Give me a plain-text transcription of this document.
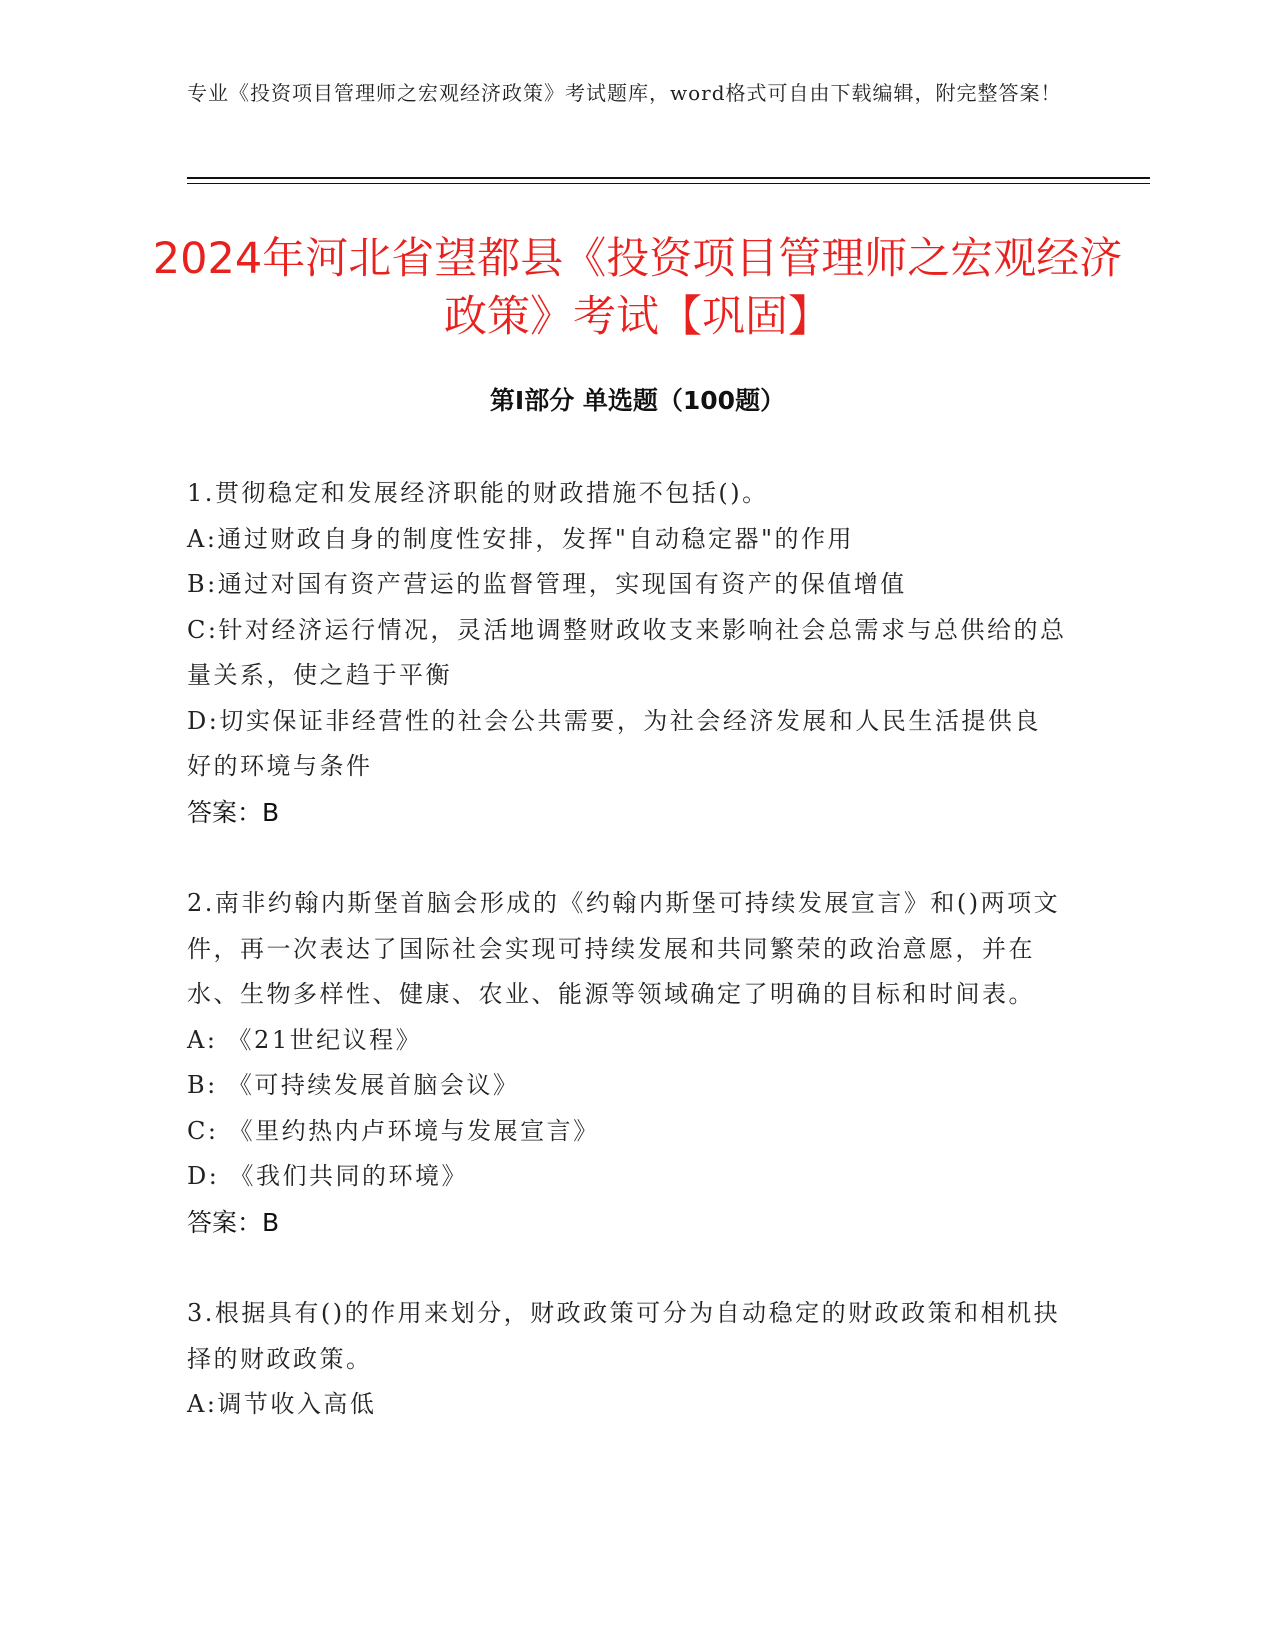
专业《投资项目管理师之宏观经济政策》考试题库，word格式可自由下载编辑，附完整答案！
2024年河北省望都县《投资项目管理师之宏观经济政策》考试【巩固】
第I部分 单选题（100题）

1.贯彻稳定和发展经济职能的财政措施不包括()。

A:通过财政自身的制度性安排，发挥"自动稳定器"的作用

B:通过对国有资产营运的监督管理，实现国有资产的保值增值

C:针对经济运行情况，灵活地调整财政收支来影响社会总需求与总供给的总量关系，使之趋于平衡

D:切实保证非经营性的社会公共需要，为社会经济发展和人民生活提供良好的环境与条件

答案：B

2.南非约翰内斯堡首脑会形成的《约翰内斯堡可持续发展宣言》和()两项文件，再一次表达了国际社会实现可持续发展和共同繁荣的政治意愿，并在水、生物多样性、健康、农业、能源等领域确定了明确的目标和时间表。

A: 《21世纪议程》

B: 《可持续发展首脑会议》

C: 《里约热内卢环境与发展宣言》

D: 《我们共同的环境》

答案：B

3.根据具有()的作用来划分，财政政策可分为自动稳定的财政政策和相机抉择的财政政策。

A:调节收入高低
